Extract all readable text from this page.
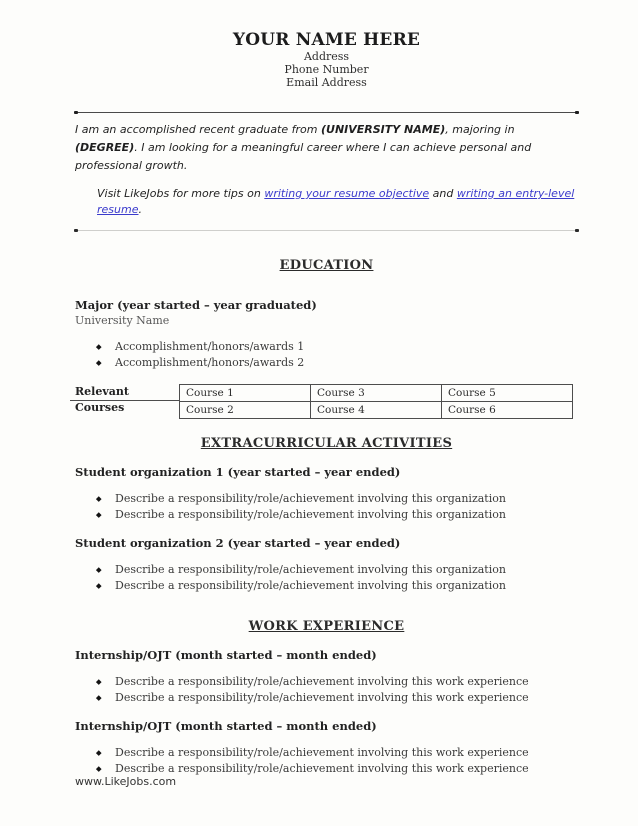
YOUR NAME HERE
Address
Phone Number
Email Address
I am an accomplished recent graduate from (UNIVERSITY NAME), majoring in (DEGREE). I am looking for a meaningful career where I can achieve personal and professional growth.
Visit LikeJobs for more tips on writing your resume objective and writing an entry-level resume.
EDUCATION
Major (year started – year graduated)
University Name
Accomplishment/honors/awards 1
Accomplishment/honors/awards 2
Relevant Courses
Course 1	Course 3	Course 5
Course 2	Course 4	Course 6
EXTRACURRICULAR ACTIVITIES
Student organization 1 (year started – year ended)
Describe a responsibility/role/achievement involving this organization
Describe a responsibility/role/achievement involving this organization
Student organization 2 (year started – year ended)
Describe a responsibility/role/achievement involving this organization
Describe a responsibility/role/achievement involving this organization
WORK EXPERIENCE
Internship/OJT (month started – month ended)
Describe a responsibility/role/achievement involving this work experience
Describe a responsibility/role/achievement involving this work experience
Internship/OJT (month started – month ended)
Describe a responsibility/role/achievement involving this work experience
Describe a responsibility/role/achievement involving this work experience
www.LikeJobs.com
